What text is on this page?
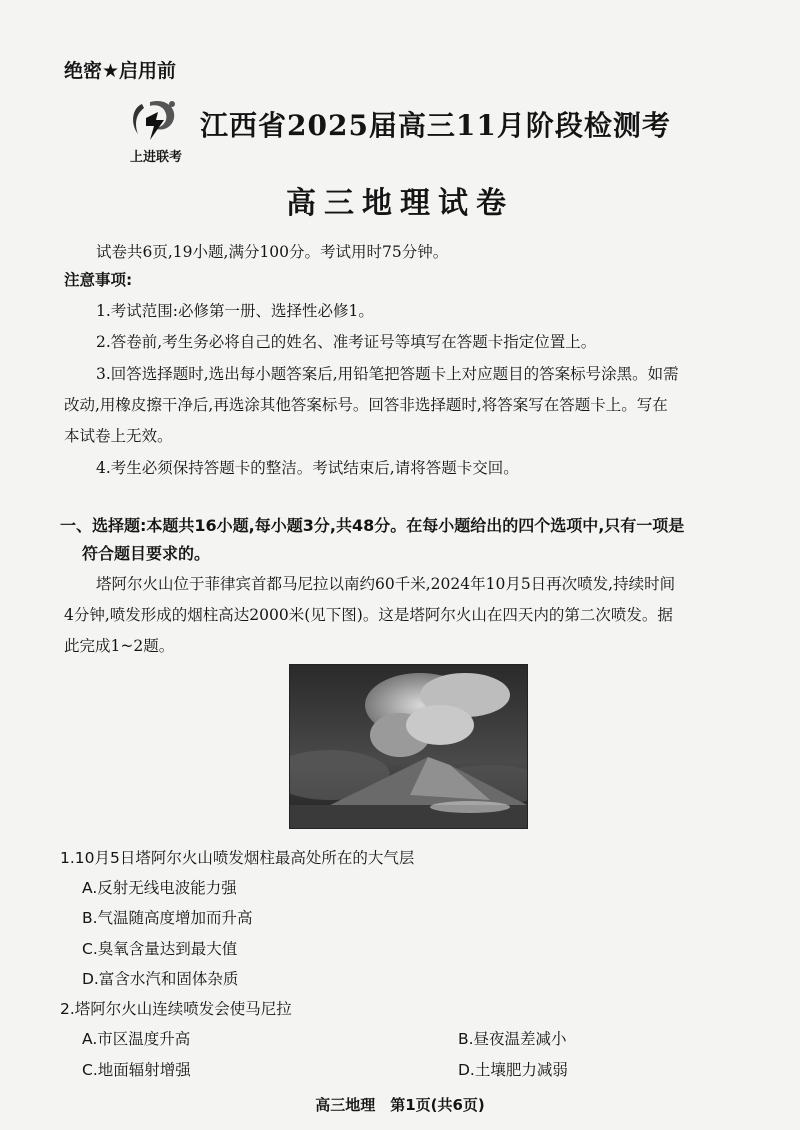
绝密★启用前
上进联考
江西省2025届高三11月阶段检测考
高三地理试卷
试卷共6页,19小题,满分100分。考试用时75分钟。
注意事项:
1.考试范围:必修第一册、选择性必修1。
2.答卷前,考生务必将自己的姓名、准考证号等填写在答题卡指定位置上。
3.回答选择题时,选出每小题答案后,用铅笔把答题卡上对应题目的答案标号涂黑。如需
改动,用橡皮擦干净后,再选涂其他答案标号。回答非选择题时,将答案写在答题卡上。写在
本试卷上无效。
4.考生必须保持答题卡的整洁。考试结束后,请将答题卡交回。
一、选择题:本题共16小题,每小题3分,共48分。在每小题给出的四个选项中,只有一项是
符合题目要求的。
塔阿尔火山位于菲律宾首都马尼拉以南约60千米,2024年10月5日再次喷发,持续时间
4分钟,喷发形成的烟柱高达2000米(见下图)。这是塔阿尔火山在四天内的第二次喷发。据
此完成1~2题。
1.10月5日塔阿尔火山喷发烟柱最高处所在的大气层
A.反射无线电波能力强
B.气温随高度增加而升高
C.臭氧含量达到最大值
D.富含水汽和固体杂质
2.塔阿尔火山连续喷发会使马尼拉
A.市区温度升高	B.昼夜温差减小
C.地面辐射增强	D.土壤肥力减弱
高三地理　第1页(共6页)
